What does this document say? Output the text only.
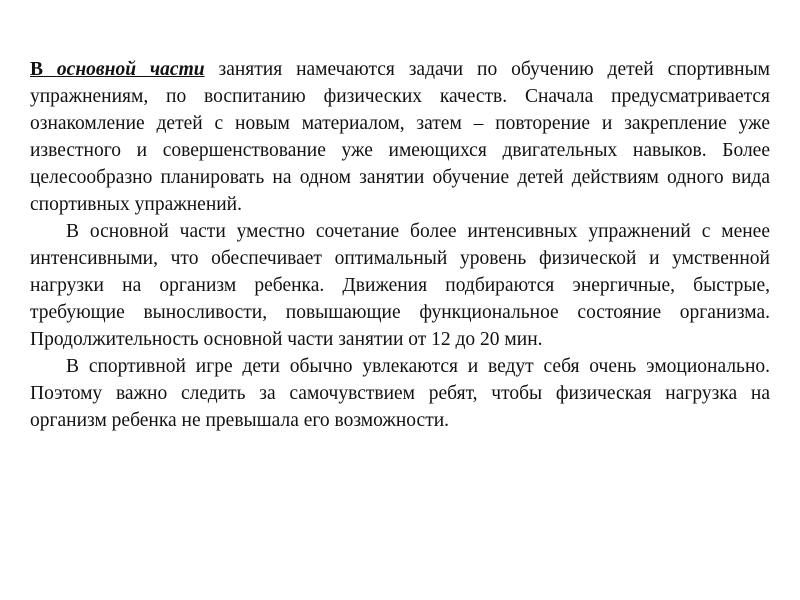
В основной части занятия намечаются задачи по обучению детей спортивным упражнениям, по воспитанию физических качеств. Сначала предусматривается ознакомление детей с новым материалом, затем – повторение и закрепление уже известного и совершенствование уже имеющихся двигательных навыков. Более целесообразно планировать на одном занятии обучение детей действиям одного вида спортивных упражнений.

В основной части уместно сочетание более интенсивных упражнений с менее интенсивными, что обеспечивает оптимальный уровень физической и умственной нагрузки на организм ребенка. Движения подбираются энергичные, быстрые, требующие выносливости, повышающие функциональное состояние организма. Продолжительность основной части занятии от 12 до 20 мин.

В спортивной игре дети обычно увлекаются и ведут себя очень эмоционально. Поэтому важно следить за самочувствием ребят, чтобы физическая нагрузка на организм ребенка не превышала его возможности.
